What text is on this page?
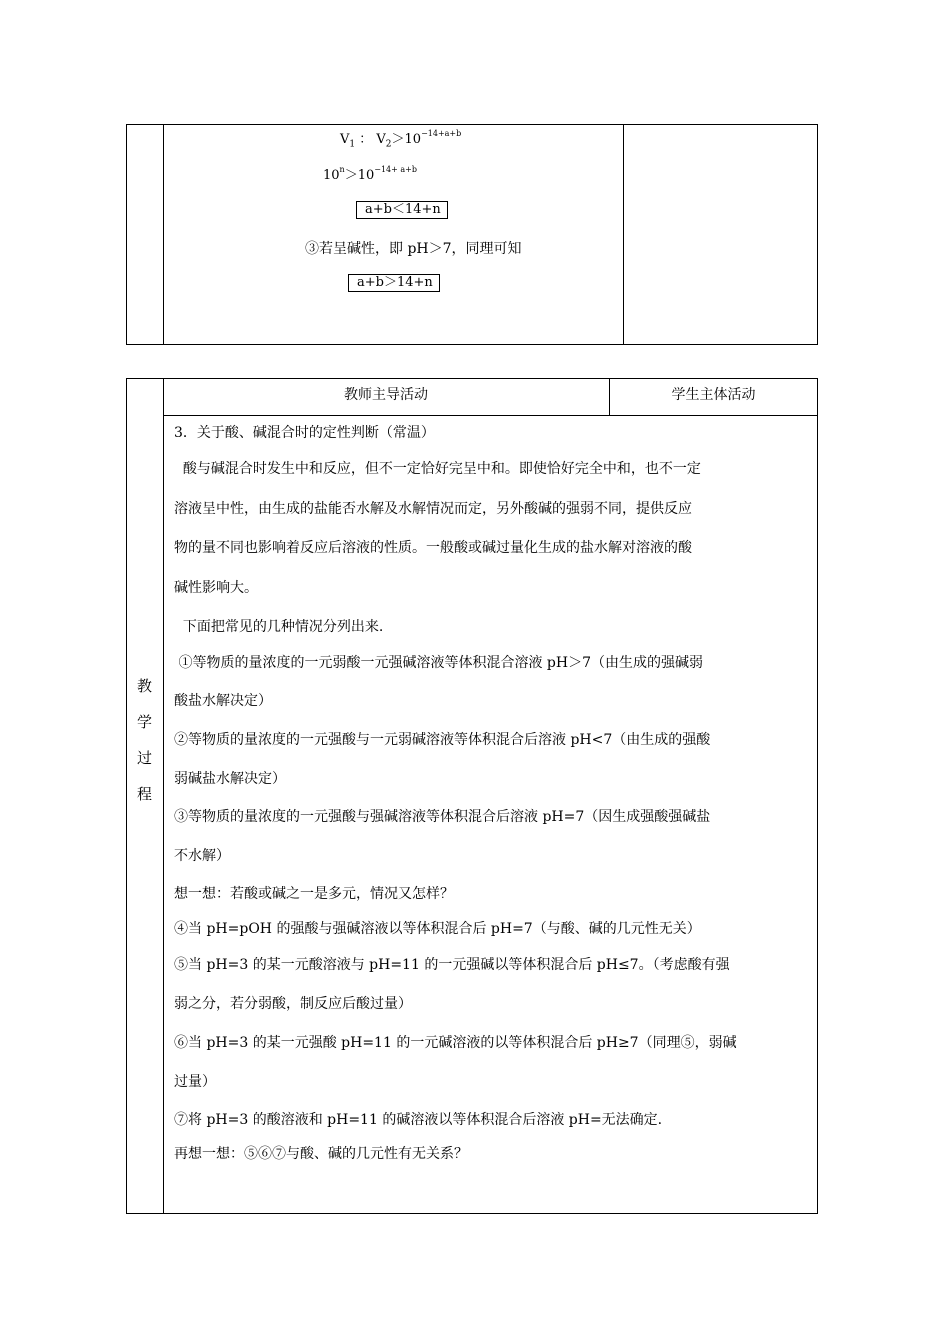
$V_1$ ： $V_2>10^{-14+a+b}$
$10^n>10^{-14+ a+b}$
a+b＜14+n
③若呈碱性，即 pH＞7，同理可知
a+b＞14+n
教师主导活动	学生主体活动
教
学
过
程
3．关于酸、碱混合时的定性判断（常温）
酸与碱混合时发生中和反应，但不一定恰好完呈中和。即使恰好完全中和，也不一定
溶液呈中性，由生成的盐能否水解及水解情况而定，另外酸碱的强弱不同，提供反应
物的量不同也影响着反应后溶液的性质。一般酸或碱过量化生成的盐水解对溶液的酸
碱性影响大。
下面把常见的几种情况分列出来.
①等物质的量浓度的一元弱酸一元强碱溶液等体积混合溶液 pH＞7（由生成的强碱弱
酸盐水解决定）
②等物质的量浓度的一元强酸与一元弱碱溶液等体积混合后溶液 pH<7（由生成的强酸
弱碱盐水解决定）
③等物质的量浓度的一元强酸与强碱溶液等体积混合后溶液 pH=7（因生成强酸强碱盐
不水解）
想一想：若酸或碱之一是多元，情况又怎样？
④当 pH=pOH 的强酸与强碱溶液以等体积混合后 pH=7（与酸、碱的几元性无关）
⑤当 pH=3 的某一元酸溶液与 pH=11 的一元强碱以等体积混合后 pH≤7。（考虑酸有强
弱之分，若分弱酸，制反应后酸过量）
⑥当 pH=3 的某一元强酸 pH=11 的一元碱溶液的以等体积混合后 pH≥7（同理⑤，弱碱
过量）
⑦将 pH=3 的酸溶液和 pH=11 的碱溶液以等体积混合后溶液 pH=无法确定.
再想一想：⑤⑥⑦与酸、碱的几元性有无关系？
